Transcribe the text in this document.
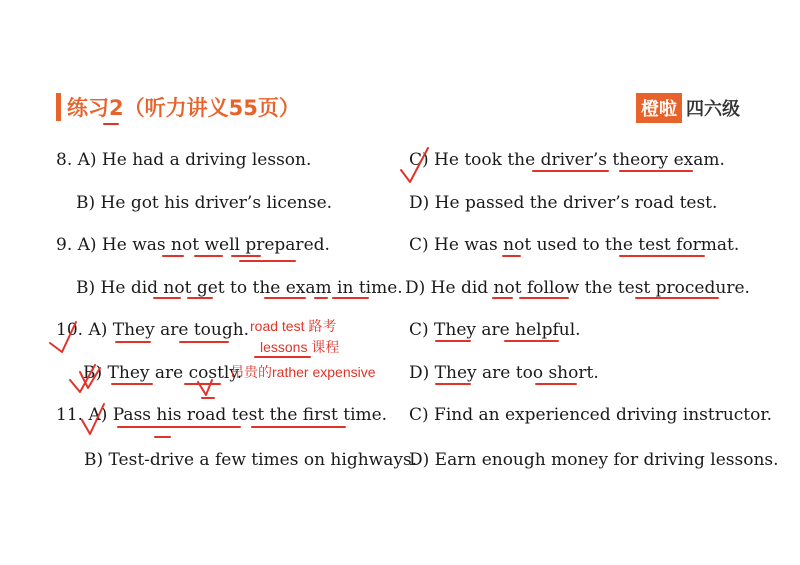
练习2（听力讲义55页）	橙啦 四六级
8. A) He had a driving lesson.
B) He got his driver’s license.
C) He took the driver’s theory exam.
D) He passed the driver’s road test.
9. A) He was not well prepared.
B) He did not get to the exam in time.
C) He was not used to the test format.
D) He did not follow the test procedure.
10. A) They are tough.
B) They are costly.
C) They are helpful.
D) They are too short.
11. A) Pass his road test the first time.
B) Test-drive a few times on highways.
C) Find an experienced driving instructor.
D) Earn enough money for driving lessons.
road test 路考
lessons 课程
昂贵的rather expensive
